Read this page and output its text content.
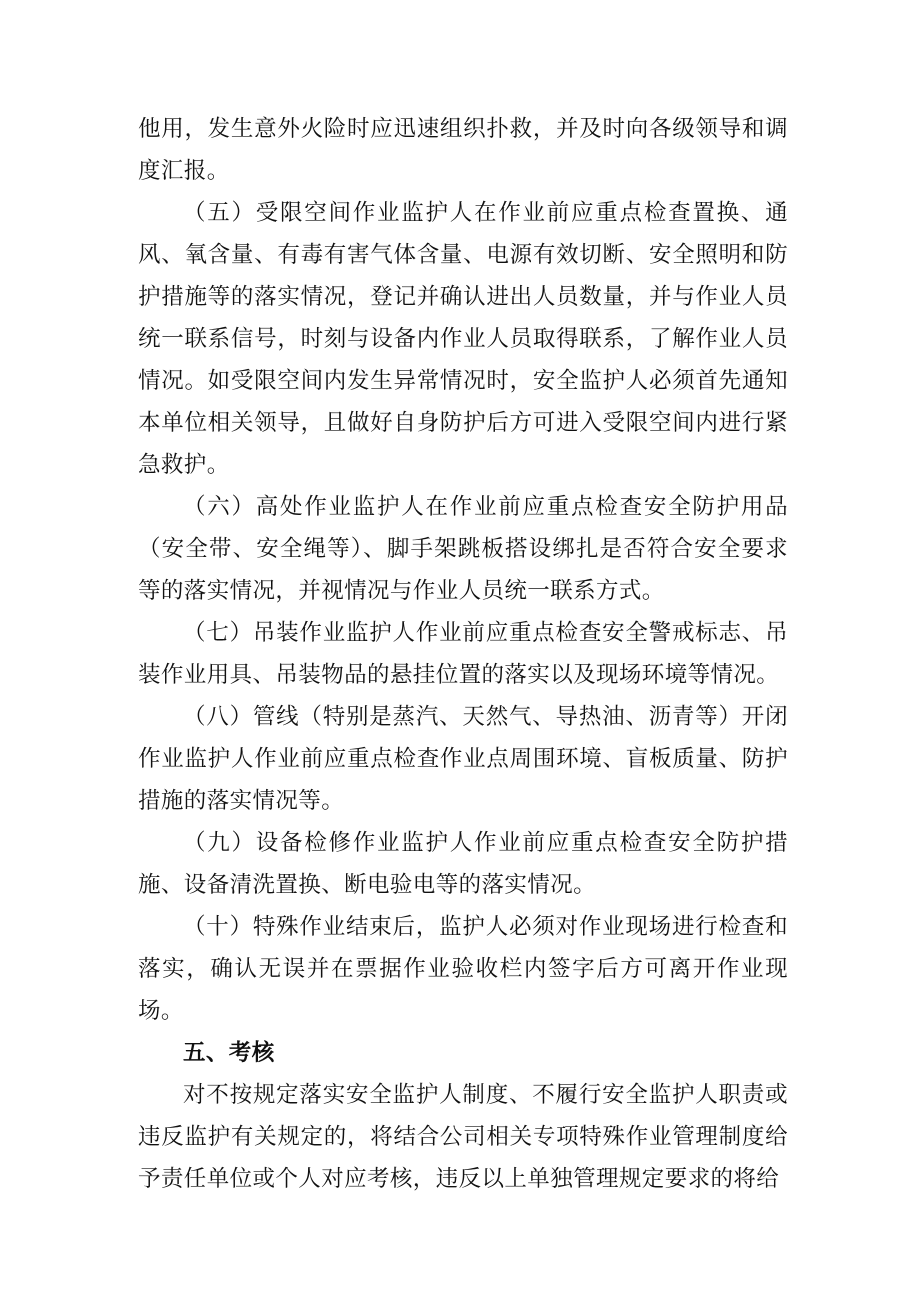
他用，发生意外火险时应迅速组织扑救，并及时向各级领导和调度汇报。

（五）受限空间作业监护人在作业前应重点检查置换、通风、氧含量、有毒有害气体含量、电源有效切断、安全照明和防护措施等的落实情况，登记并确认进出人员数量，并与作业人员统一联系信号，时刻与设备内作业人员取得联系，了解作业人员情况。如受限空间内发生异常情况时，安全监护人必须首先通知本单位相关领导，且做好自身防护后方可进入受限空间内进行紧急救护。

（六）高处作业监护人在作业前应重点检查安全防护用品（安全带、安全绳等）、脚手架跳板搭设绑扎是否符合安全要求等的落实情况，并视情况与作业人员统一联系方式。

（七）吊装作业监护人作业前应重点检查安全警戒标志、吊装作业用具、吊装物品的悬挂位置的落实以及现场环境等情况。

（八）管线（特别是蒸汽、天然气、导热油、沥青等）开闭作业监护人作业前应重点检查作业点周围环境、盲板质量、防护措施的落实情况等。

（九）设备检修作业监护人作业前应重点检查安全防护措施、设备清洗置换、断电验电等的落实情况。

（十）特殊作业结束后，监护人必须对作业现场进行检查和落实，确认无误并在票据作业验收栏内签字后方可离开作业现场。

五、考核

对不按规定落实安全监护人制度、不履行安全监护人职责或违反监护有关规定的，将结合公司相关专项特殊作业管理制度给予责任单位或个人对应考核，违反以上单独管理规定要求的将给
